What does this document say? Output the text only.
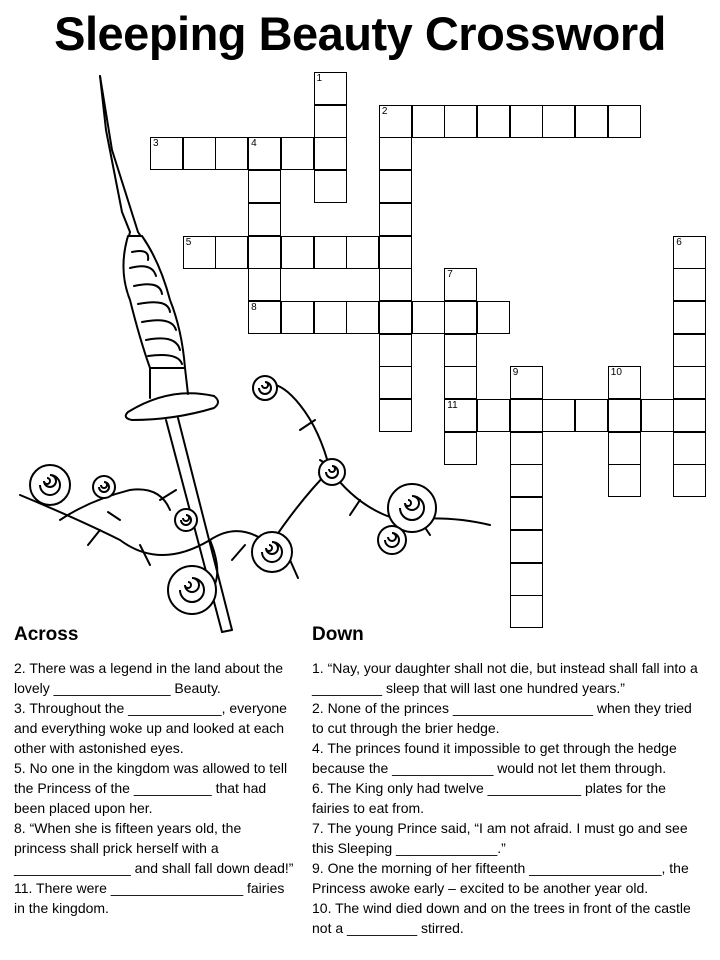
Sleeping Beauty Crossword
1
2
3	4
5	6
7
11
8
9	10
Across

2. There was a legend in the land about the lovely _______________ Beauty.

3. Throughout the ____________, everyone and everything woke up and looked at each other with astonished eyes.

5. No one in the kingdom was allowed to tell the Princess of the __________ that had been placed upon her.

8. “When she is fifteen years old, the princess shall prick herself with a _______________ and shall fall down dead!”

11. There were _________________ fairies in the kingdom.

Down

1. “Nay, your daughter shall not die, but instead shall fall into a _________ sleep that will last one hundred years.”

2. None of the princes __________________ when they tried to cut through the brier hedge.

4. The princes found it impossible to get through the hedge because the _____________ would not let them through.

6. The King only had twelve ____________ plates for the fairies to eat from.

7. The young Prince said, “I am not afraid. I must go and see this Sleeping _____________.”

9. One the morning of her fifteenth _________________, the Princess awoke early – excited to be another year old.

10. The wind died down and on the trees in front of the castle not a _________ stirred.
